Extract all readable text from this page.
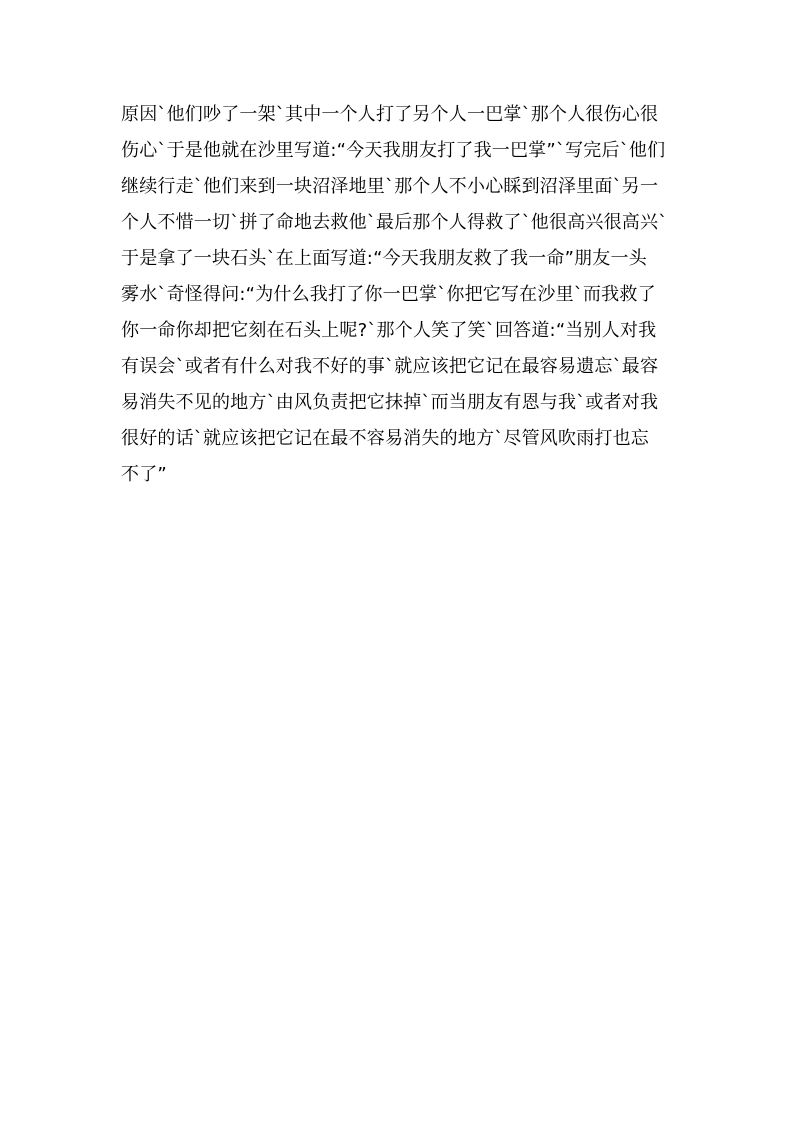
原因`他们吵了一架`其中一个人打了另个人一巴掌`那个人很伤心很
伤心`于是他就在沙里写道:“今天我朋友打了我一巴掌”`写完后`他们
继续行走`他们来到一块沼泽地里`那个人不小心睬到沼泽里面`另一
个人不惜一切`拼了命地去救他`最后那个人得救了`他很高兴很高兴`
于是拿了一块石头`在上面写道:“今天我朋友救了我一命”朋友一头
雾水`奇怪得问:“为什么我打了你一巴掌`你把它写在沙里`而我救了
你一命你却把它刻在石头上呢?`那个人笑了笑`回答道:“当别人对我
有误会`或者有什么对我不好的事`就应该把它记在最容易遗忘`最容
易消失不见的地方`由风负责把它抹掉`而当朋友有恩与我`或者对我
很好的话`就应该把它记在最不容易消失的地方`尽管风吹雨打也忘
不了”
